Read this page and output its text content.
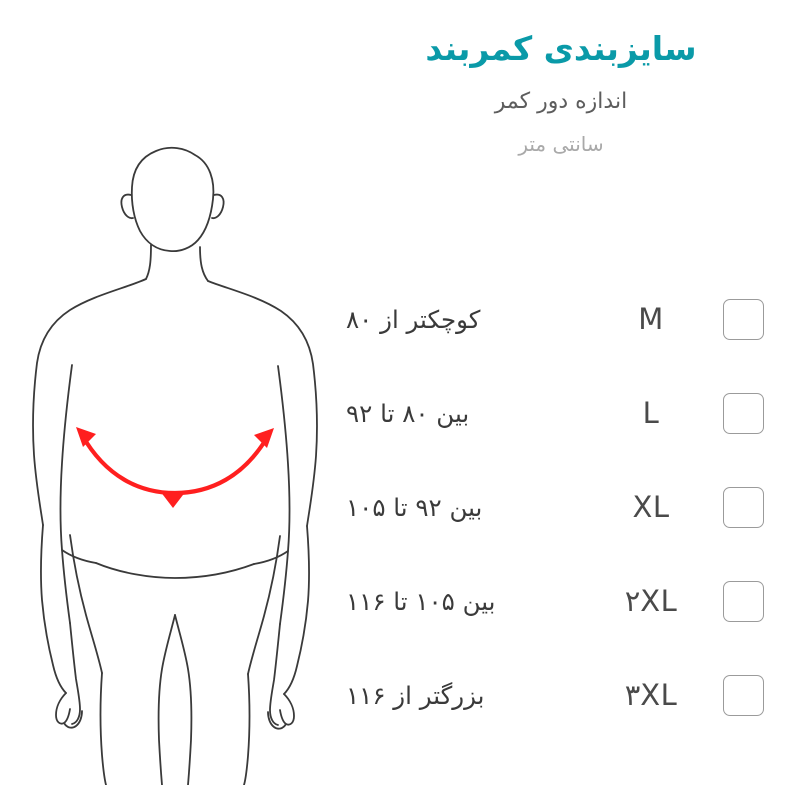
سایزبندی کمربند
اندازه دور کمر
سانتی متر
M
کوچکتر از ۸۰
L
بین ۸۰ تا ۹۲
XL
بین ۹۲ تا ۱۰۵
۲XL
بین ۱۰۵ تا ۱۱۶
۳XL
بزرگتر از ۱۱۶
